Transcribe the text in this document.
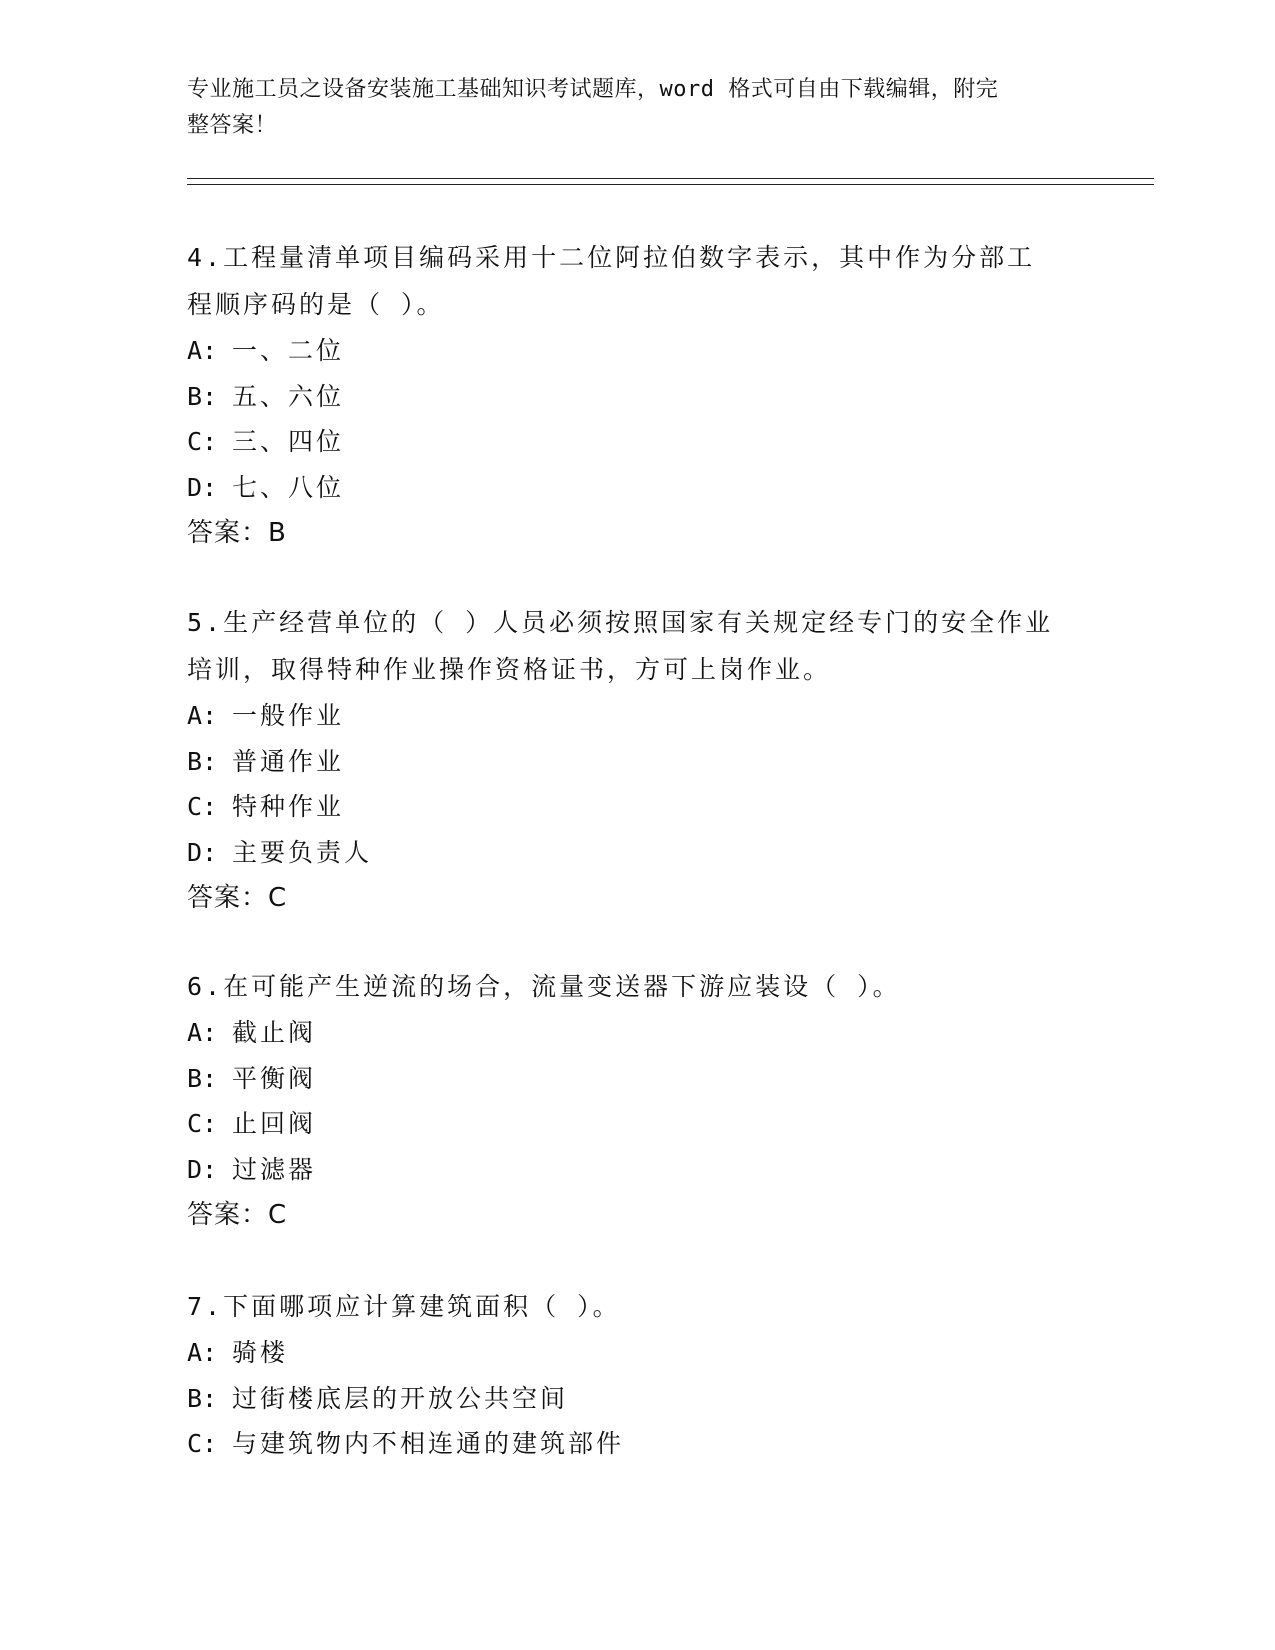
专业施工员之设备安装施工基础知识考试题库，word 格式可自由下载编辑，附完
整答案！

4.工程量清单项目编码采用十二位阿拉伯数字表示，其中作为分部工

程顺序码的是（ ）。

A: 一、二位

B: 五、六位

C: 三、四位

D: 七、八位

答案：B

5.生产经营单位的（ ）人员必须按照国家有关规定经专门的安全作业

培训，取得特种作业操作资格证书，方可上岗作业。

A: 一般作业

B: 普通作业

C: 特种作业

D: 主要负责人

答案：C

6.在可能产生逆流的场合，流量变送器下游应装设（ ）。

A: 截止阀

B: 平衡阀

C: 止回阀

D: 过滤器

答案：C

7.下面哪项应计算建筑面积（ ）。

A: 骑楼

B: 过街楼底层的开放公共空间

C: 与建筑物内不相连通的建筑部件
